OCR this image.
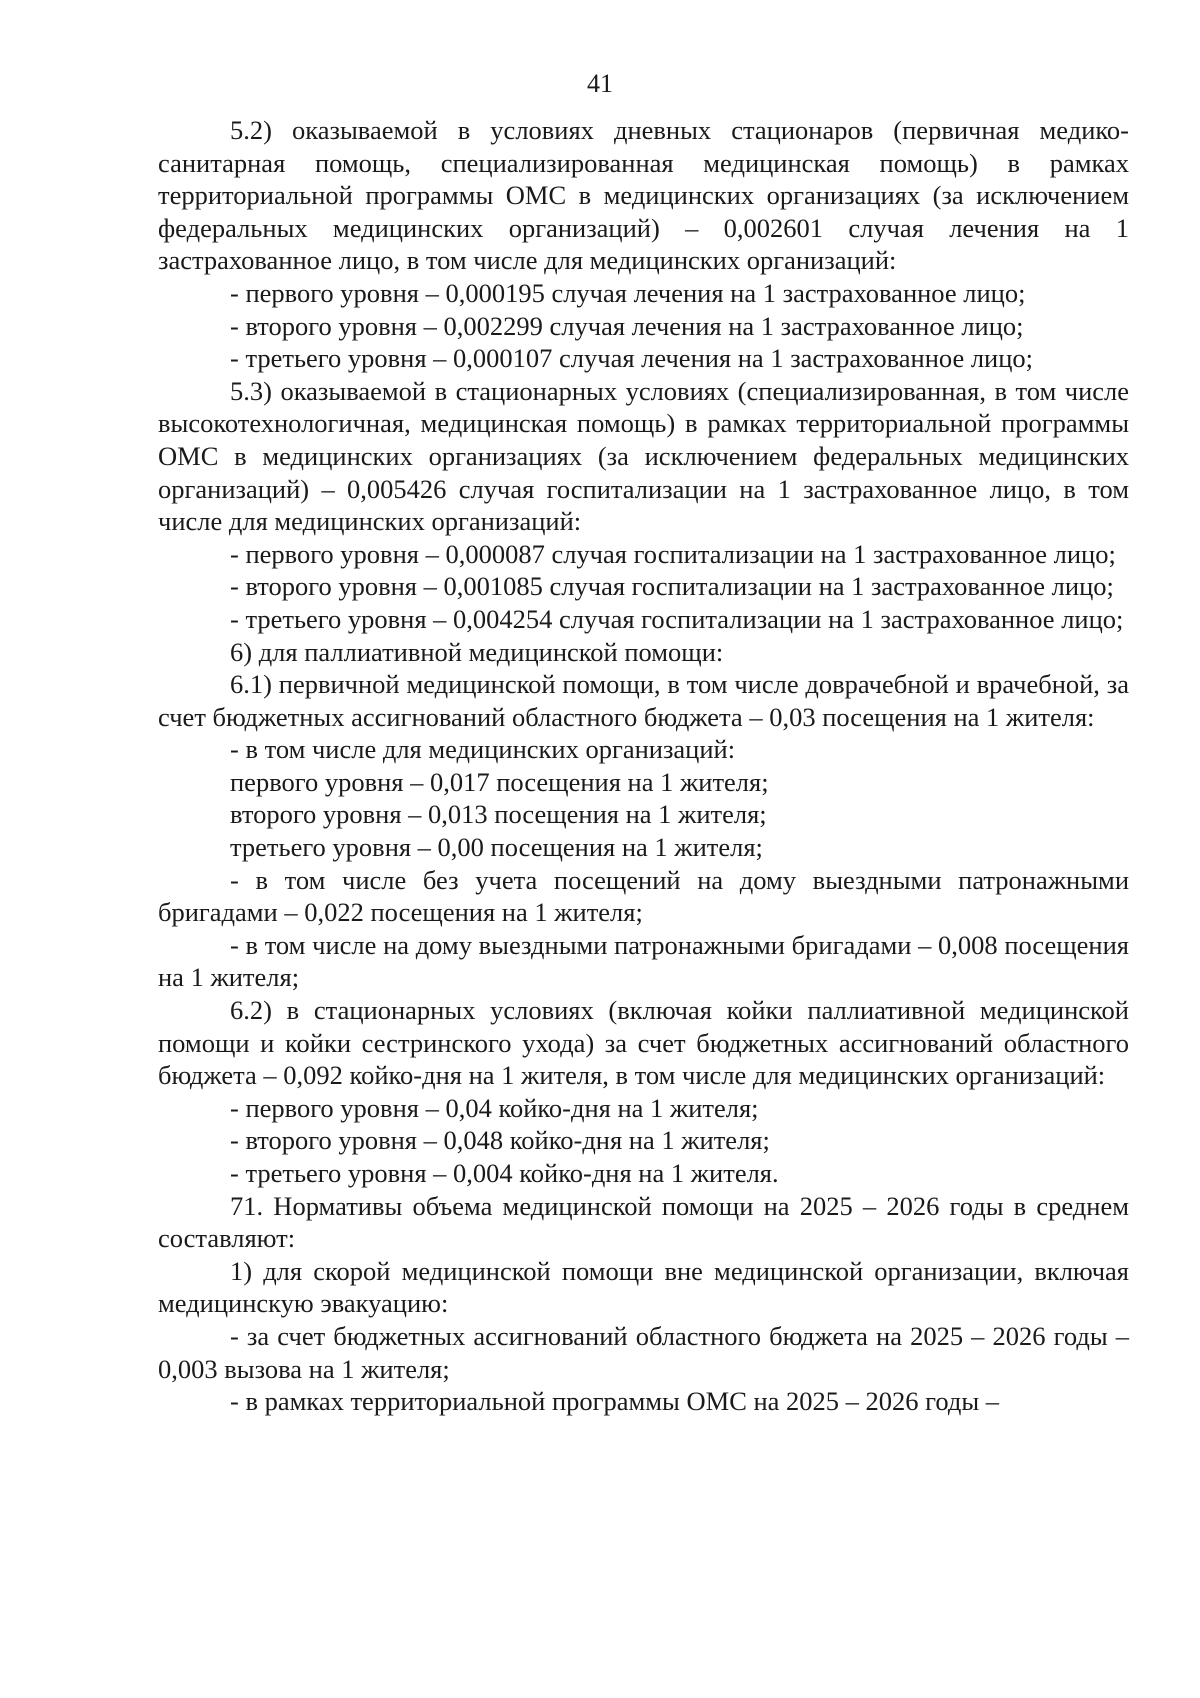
41

5.2) оказываемой в условиях дневных стационаров (первичная медико-санитарная помощь, специализированная медицинская помощь) в рамках территориальной программы ОМС в медицинских организациях (за исключением федеральных медицинских организаций) – 0,002601 случая лечения на 1 застрахованное лицо, в том числе для медицинских организаций:

- первого уровня – 0,000195 случая лечения на 1 застрахованное лицо;

- второго уровня – 0,002299 случая лечения на 1 застрахованное лицо;

- третьего уровня – 0,000107 случая лечения на 1 застрахованное лицо;

5.3) оказываемой в стационарных условиях (специализированная, в том числе высокотехнологичная, медицинская помощь) в рамках территориальной программы ОМС в медицинских организациях (за исключением федеральных медицинских организаций) – 0,005426 случая госпитализации на 1 застрахованное лицо, в том числе для медицинских организаций:

- первого уровня – 0,000087 случая госпитализации на 1 застрахованное лицо;

- второго уровня – 0,001085 случая госпитализации на 1 застрахованное лицо;

- третьего уровня – 0,004254 случая госпитализации на 1 застрахованное лицо;

6) для паллиативной медицинской помощи:

6.1) первичной медицинской помощи, в том числе доврачебной и врачебной, за счет бюджетных ассигнований областного бюджета – 0,03 посещения на 1 жителя:

- в том числе для медицинских организаций:

первого уровня – 0,017 посещения на 1 жителя;

второго уровня – 0,013 посещения на 1 жителя;

третьего уровня – 0,00 посещения на 1 жителя;

- в том числе без учета посещений на дому выездными патронажными бригадами – 0,022 посещения на 1 жителя;

- в том числе на дому выездными патронажными бригадами – 0,008 посещения на 1 жителя;

6.2) в стационарных условиях (включая койки паллиативной медицинской помощи и койки сестринского ухода) за счет бюджетных ассигнований областного бюджета – 0,092 койко-дня на 1 жителя, в том числе для медицинских организаций:

- первого уровня – 0,04 койко-дня на 1 жителя;

- второго уровня – 0,048 койко-дня на 1 жителя;

- третьего уровня – 0,004 койко-дня на 1 жителя.

71. Нормативы объема медицинской помощи на 2025 – 2026 годы в среднем составляют:

1) для скорой медицинской помощи вне медицинской организации, включая медицинскую эвакуацию:

- за счет бюджетных ассигнований областного бюджета на 2025 – 2026 годы – 0,003 вызова на 1 жителя;

- в рамках территориальной программы ОМС на 2025 – 2026 годы –
